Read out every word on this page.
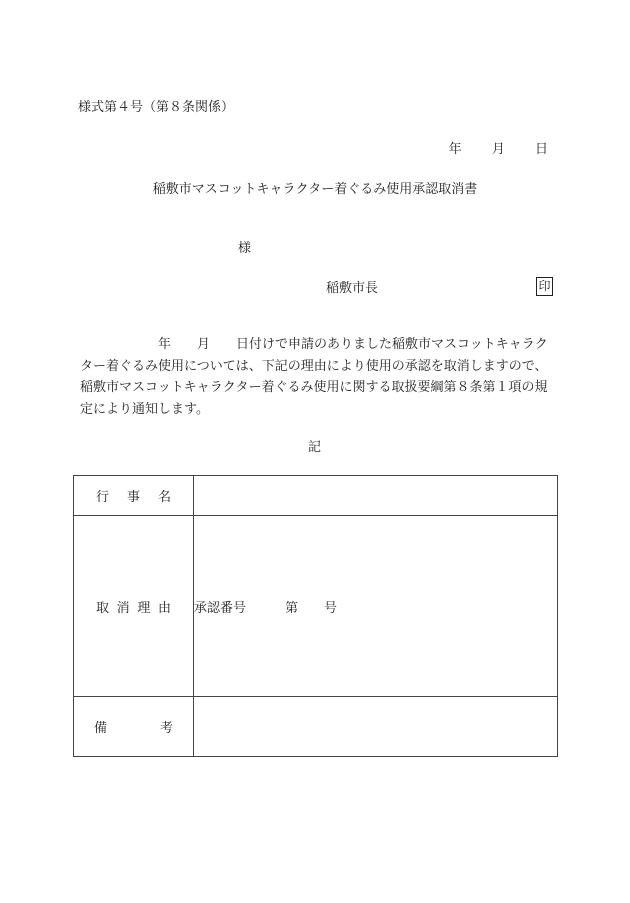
様式第４号（第８条関係）
年 月 日
稲敷市マスコットキャラクター着ぐるみ使用承認取消書
様
稲敷市長	印
　　　　　　年　　月　　日付けで申請のありました稲敷市マスコットキャラクター着ぐるみ使用については、下記の理由により使用の承認を取消しますので、稲敷市マスコットキャラクター着ぐるみ使用に関する取扱要綱第８条第１項の規定により通知します。
記
行 事 名	

取 消 理 由	承認番号　　　第　　号

備 考	
